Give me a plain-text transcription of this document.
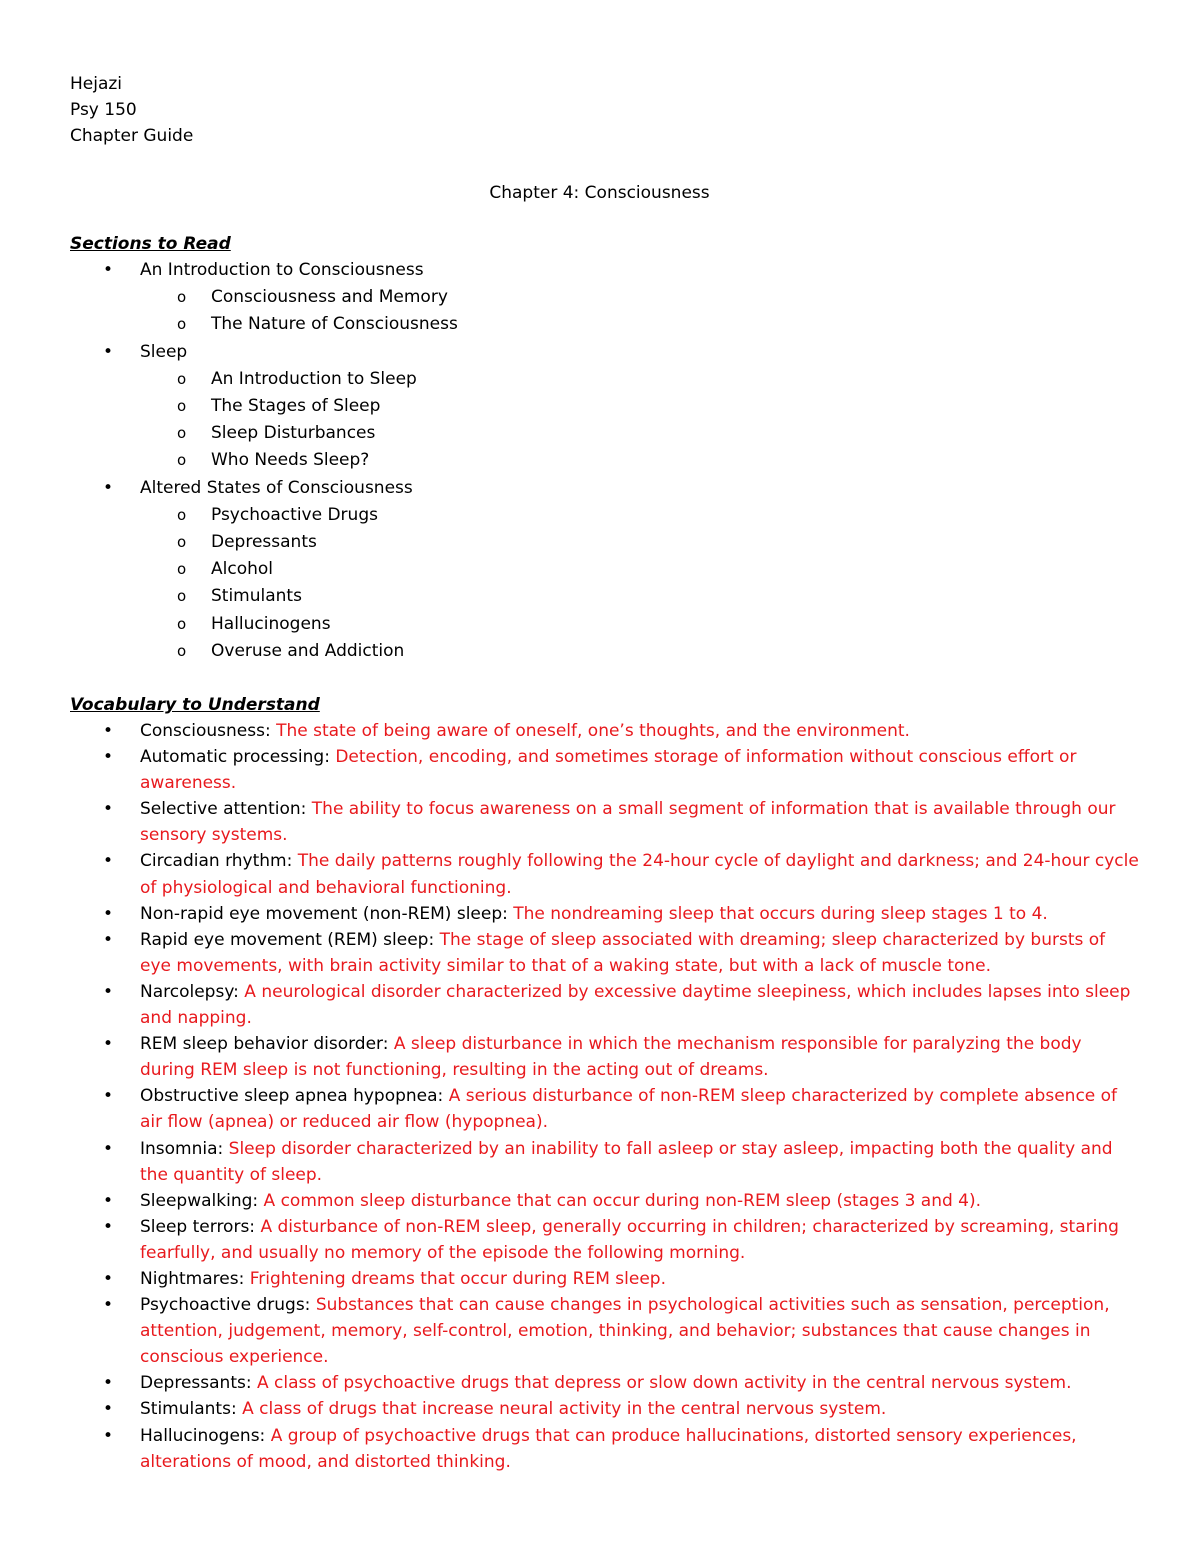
Hejazi
Psy 150
Chapter Guide
Chapter 4: Consciousness
Sections to Read
• An Introduction to Consciousness
o Consciousness and Memory
o The Nature of Consciousness
• Sleep
o An Introduction to Sleep
o The Stages of Sleep
o Sleep Disturbances
o Who Needs Sleep?
• Altered States of Consciousness
o Psychoactive Drugs
o Depressants
o Alcohol
o Stimulants
o Hallucinogens
o Overuse and Addiction
Vocabulary to Understand
• Consciousness: The state of being aware of oneself, one’s thoughts, and the environment.
• Automatic processing: Detection, encoding, and sometimes storage of information without conscious effort or awareness.
• Selective attention: The ability to focus awareness on a small segment of information that is available through our sensory systems.
• Circadian rhythm: The daily patterns roughly following the 24-hour cycle of daylight and darkness; and 24-hour cycle of physiological and behavioral functioning.
• Non-rapid eye movement (non-REM) sleep: The nondreaming sleep that occurs during sleep stages 1 to 4.
• Rapid eye movement (REM) sleep: The stage of sleep associated with dreaming; sleep characterized by bursts of eye movements, with brain activity similar to that of a waking state, but with a lack of muscle tone.
• Narcolepsy: A neurological disorder characterized by excessive daytime sleepiness, which includes lapses into sleep and napping.
• REM sleep behavior disorder: A sleep disturbance in which the mechanism responsible for paralyzing the body during REM sleep is not functioning, resulting in the acting out of dreams.
• Obstructive sleep apnea hypopnea: A serious disturbance of non-REM sleep characterized by complete absence of air flow (apnea) or reduced air flow (hypopnea).
• Insomnia: Sleep disorder characterized by an inability to fall asleep or stay asleep, impacting both the quality and the quantity of sleep.
• Sleepwalking: A common sleep disturbance that can occur during non-REM sleep (stages 3 and 4).
• Sleep terrors: A disturbance of non-REM sleep, generally occurring in children; characterized by screaming, staring fearfully, and usually no memory of the episode the following morning.
• Nightmares: Frightening dreams that occur during REM sleep.
• Psychoactive drugs: Substances that can cause changes in psychological activities such as sensation, perception, attention, judgement, memory, self-control, emotion, thinking, and behavior; substances that cause changes in conscious experience.
• Depressants: A class of psychoactive drugs that depress or slow down activity in the central nervous system.
• Stimulants: A class of drugs that increase neural activity in the central nervous system.
• Hallucinogens: A group of psychoactive drugs that can produce hallucinations, distorted sensory experiences, alterations of mood, and distorted thinking.
